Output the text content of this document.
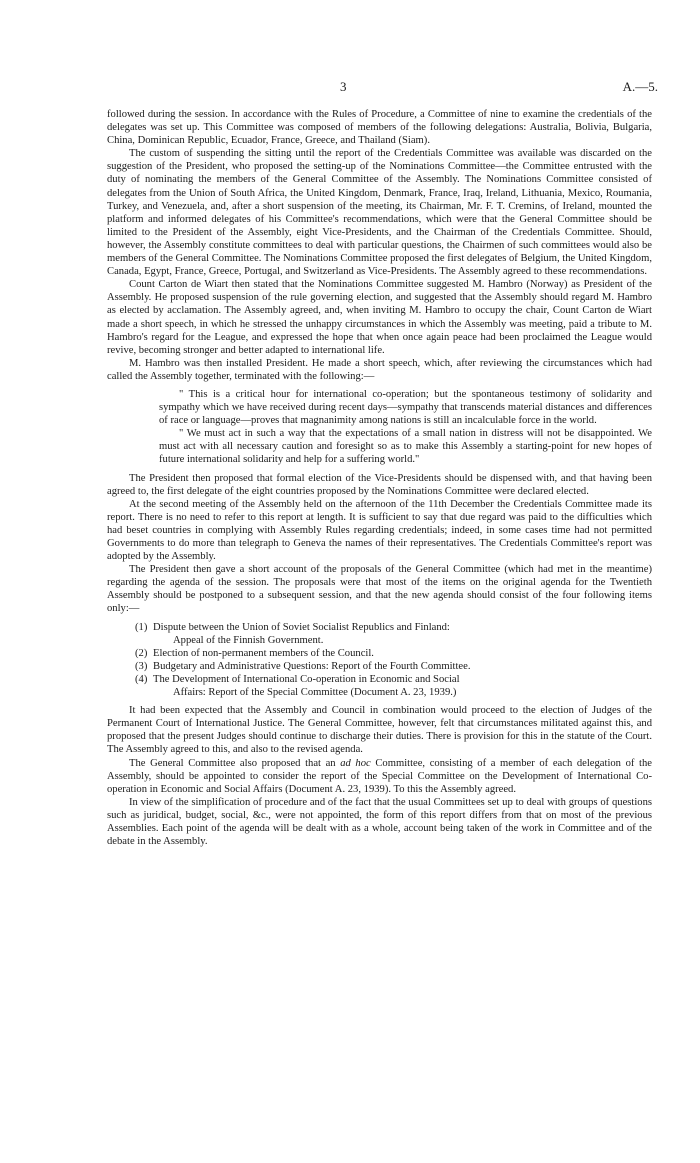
3	A.—5.

followed during the session. In accordance with the Rules of Procedure, a Committee of nine to examine the credentials of the delegates was set up. This Committee was composed of members of the following delegations: Australia, Bolivia, Bulgaria, China, Dominican Republic, Ecuador, France, Greece, and Thailand (Siam).

The custom of suspending the sitting until the report of the Credentials Committee was available was discarded on the suggestion of the President, who proposed the setting-up of the Nominations Committee—the Committee entrusted with the duty of nominating the members of the General Committee of the Assembly. The Nominations Committee consisted of delegates from the Union of South Africa, the United Kingdom, Denmark, France, Iraq, Ireland, Lithuania, Mexico, Roumania, Turkey, and Venezuela, and, after a short suspension of the meeting, its Chairman, Mr. F. T. Cremins, of Ireland, mounted the platform and informed delegates of his Committee's recommendations, which were that the General Committee should be limited to the President of the Assembly, eight Vice-Presidents, and the Chairman of the Credentials Committee. Should, however, the Assembly constitute committees to deal with particular questions, the Chairmen of such committees would also be members of the General Committee. The Nominations Committee proposed the first delegates of Belgium, the United Kingdom, Canada, Egypt, France, Greece, Portugal, and Switzerland as Vice-Presidents. The Assembly agreed to these recommendations.

Count Carton de Wiart then stated that the Nominations Committee suggested M. Hambro (Norway) as President of the Assembly. He proposed suspension of the rule governing election, and suggested that the Assembly should regard M. Hambro as elected by acclamation. The Assembly agreed, and, when inviting M. Hambro to occupy the chair, Count Carton de Wiart made a short speech, in which he stressed the unhappy circumstances in which the Assembly was meeting, paid a tribute to M. Hambro's regard for the League, and expressed the hope that when once again peace had been proclaimed the League would revive, becoming stronger and better adapted to international life.

M. Hambro was then installed President. He made a short speech, which, after reviewing the circumstances which had called the Assembly together, terminated with the following:—

" This is a critical hour for international co-operation; but the spontaneous testimony of solidarity and sympathy which we have received during recent days—sympathy that transcends material distances and differences of race or language—proves that magnanimity among nations is still an incalculable force in the world.

" We must act in such a way that the expectations of a small nation in distress will not be disappointed. We must act with all necessary caution and foresight so as to make this Assembly a starting-point for new hopes of future international solidarity and help for a suffering world."

The President then proposed that formal election of the Vice-Presidents should be dispensed with, and that having been agreed to, the first delegate of the eight countries proposed by the Nominations Committee were declared elected.

At the second meeting of the Assembly held on the afternoon of the 11th December the Credentials Committee made its report. There is no need to refer to this report at length. It is sufficient to say that due regard was paid to the difficulties which had beset countries in complying with Assembly Rules regarding credentials; indeed, in some cases time had not permitted Governments to do more than telegraph to Geneva the names of their representatives. The Credentials Committee's report was adopted by the Assembly.

The President then gave a short account of the proposals of the General Committee (which had met in the meantime) regarding the agenda of the session. The proposals were that most of the items on the original agenda for the Twentieth Assembly should be postponed to a subsequent session, and that the new agenda should consist of the four following items only:—

(1) Dispute between the Union of Soviet Socialist Republics and Finland:
Appeal of the Finnish Government.
(2) Election of non-permanent members of the Council.
(3) Budgetary and Administrative Questions: Report of the Fourth Committee.
(4) The Development of International Co-operation in Economic and Social
Affairs: Report of the Special Committee (Document A. 23, 1939.)

It had been expected that the Assembly and Council in combination would proceed to the election of Judges of the Permanent Court of International Justice. The General Committee, however, felt that circumstances militated against this, and proposed that the present Judges should continue to discharge their duties. There is provision for this in the statute of the Court. The Assembly agreed to this, and also to the revised agenda.

The General Committee also proposed that an ad hoc Committee, consisting of a member of each delegation of the Assembly, should be appointed to consider the report of the Special Committee on the Development of International Co-operation in Economic and Social Affairs (Document A. 23, 1939). To this the Assembly agreed.

In view of the simplification of procedure and of the fact that the usual Committees set up to deal with groups of questions such as juridical, budget, social, &c., were not appointed, the form of this report differs from that on most of the previous Assemblies. Each point of the agenda will be dealt with as a whole, account being taken of the work in Committee and of the debate in the Assembly.
